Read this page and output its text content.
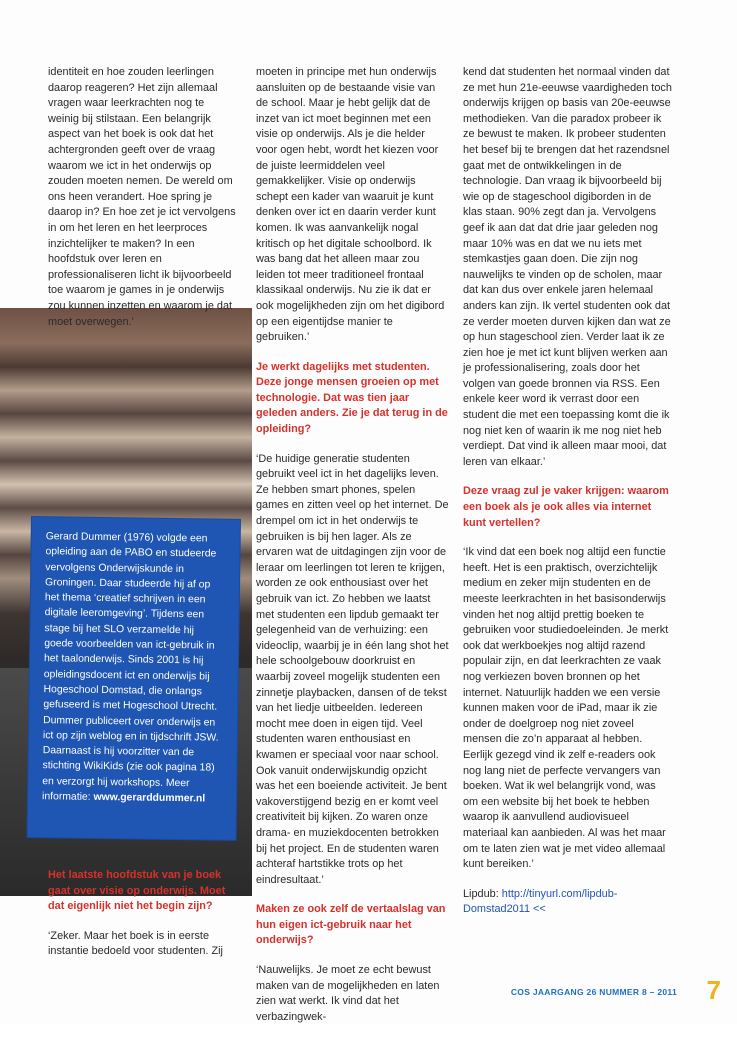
identiteit en hoe zouden leerlingen daarop reageren? Het zijn allemaal vragen waar leerkrachten nog te weinig bij stilstaan. Een belangrijk aspect van het boek is ook dat het achtergronden geeft over de vraag waarom we ict in het onderwijs op zouden moeten nemen. De wereld om ons heen verandert. Hoe spring je daarop in? En hoe zet je ict vervolgens in om het leren en het leerproces inzichtelijker te maken? In een hoofdstuk over leren en professionaliseren licht ik bijvoorbeeld toe waarom je games in je onderwijs zou kunnen inzetten en waarom je dat moet overwegen.’

Gerard Dummer (1976) volgde een opleiding aan de PABO en studeerde vervolgens Onderwijskunde in Groningen. Daar studeerde hij af op het thema ‘creatief schrijven in een digitale leeromgeving’. Tijdens een stage bij het SLO verzamelde hij goede voorbeelden van ict-gebruik in het taalonderwijs. Sinds 2001 is hij opleidingsdocent ict en onderwijs bij Hogeschool Domstad, die onlangs gefuseerd is met Hogeschool Utrecht. Dummer publiceert over onderwijs en ict op zijn weblog en in tijdschrift JSW. Daarnaast is hij voorzitter van de stichting WikiKids (zie ook pagina 18) en verzorgt hij workshops. Meer informatie: www.gerarddummer.nl

Het laatste hoofdstuk van je boek gaat over visie op onderwijs. Moet dat eigenlijk niet het begin zijn?

‘Zeker. Maar het boek is in eerste instantie bedoeld voor studenten. Zij

moeten in principe met hun onderwijs aansluiten op de bestaande visie van de school. Maar je hebt gelijk dat de inzet van ict moet beginnen met een visie op onderwijs. Als je die helder voor ogen hebt, wordt het kiezen voor de juiste leermiddelen veel gemakkelijker. Visie op onderwijs schept een kader van waaruit je kunt denken over ict en daarin verder kunt komen. Ik was aanvankelijk nogal kritisch op het digitale schoolbord. Ik was bang dat het alleen maar zou leiden tot meer traditioneel frontaal klassikaal onderwijs. Nu zie ik dat er ook mogelijkheden zijn om het digibord op een eigentijdse manier te gebruiken.’

Je werkt dagelijks met studenten. Deze jonge mensen groeien op met technologie. Dat was tien jaar geleden anders. Zie je dat terug in de opleiding?

‘De huidige generatie studenten gebruikt veel ict in het dagelijks leven. Ze hebben smart phones, spelen games en zitten veel op het internet. De drempel om ict in het onderwijs te gebruiken is bij hen lager. Als ze ervaren wat de uitdagingen zijn voor de leraar om leerlingen tot leren te krijgen, worden ze ook enthousiast over het gebruik van ict. Zo hebben we laatst met studenten een lipdub gemaakt ter gelegenheid van de verhuizing: een videoclip, waarbij je in één lang shot het hele schoolgebouw doorkruist en waarbij zoveel mogelijk studenten een zinnetje playbacken, dansen of de tekst van het liedje uitbeelden. Iedereen mocht mee doen in eigen tijd. Veel studenten waren enthousiast en kwamen er speciaal voor naar school. Ook vanuit onderwijskundig opzicht was het een boeiende activiteit. Je bent vakoverstijgend bezig en er komt veel creativiteit bij kijken. Zo waren onze drama- en muziekdocenten betrokken bij het project. En de studenten waren achteraf hartstikke trots op het eindresultaat.’

Maken ze ook zelf de vertaalslag van hun eigen ict-gebruik naar het onderwijs?

‘Nauwelijks. Je moet ze echt bewust maken van de mogelijkheden en laten zien wat werkt. Ik vind dat het verbazingwek-

kend dat studenten het normaal vinden dat ze met hun 21e-eeuwse vaardigheden toch onderwijs krijgen op basis van 20e-eeuwse methodieken. Van die paradox probeer ik ze bewust te maken. Ik probeer studenten het besef bij te brengen dat het razendsnel gaat met de ontwikkelingen in de technologie. Dan vraag ik bijvoorbeeld bij wie op de stageschool digiborden in de klas staan. 90% zegt dan ja. Vervolgens geef ik aan dat dat drie jaar geleden nog maar 10% was en dat we nu iets met stemkastjes gaan doen. Die zijn nog nauwelijks te vinden op de scholen, maar dat kan dus over enkele jaren helemaal anders kan zijn. Ik vertel studenten ook dat ze verder moeten durven kijken dan wat ze op hun stageschool zien. Verder laat ik ze zien hoe je met ict kunt blijven werken aan je professionalisering, zoals door het volgen van goede bronnen via RSS. Een enkele keer word ik verrast door een student die met een toepassing komt die ik nog niet ken of waarin ik me nog niet heb verdiept. Dat vind ik alleen maar mooi, dat leren van elkaar.’

Deze vraag zul je vaker krijgen: waarom een boek als je ook alles via internet kunt vertellen?

‘Ik vind dat een boek nog altijd een functie heeft. Het is een praktisch, overzichtelijk medium en zeker mijn studenten en de meeste leerkrachten in het basisonderwijs vinden het nog altijd prettig boeken te gebruiken voor studiedoeleinden. Je merkt ook dat werkboekjes nog altijd razend populair zijn, en dat leerkrachten ze vaak nog verkiezen boven bronnen op het internet. Natuurlijk hadden we een versie kunnen maken voor de iPad, maar ik zie onder de doelgroep nog niet zoveel mensen die zo’n apparaat al hebben. Eerlijk gezegd vind ik zelf e-readers ook nog lang niet de perfecte vervangers van boeken. Wat ik wel belangrijk vond, was om een website bij het boek te hebben waarop ik aanvullend audiovisueel materiaal kan aanbieden. Al was het maar om te laten zien wat je met video allemaal kunt bereiken.’

Lipdub: http://tinyurl.com/lipdub-Domstad2011 <<

COS JAARGANG 26 NUMMER 8 – 2011 7
